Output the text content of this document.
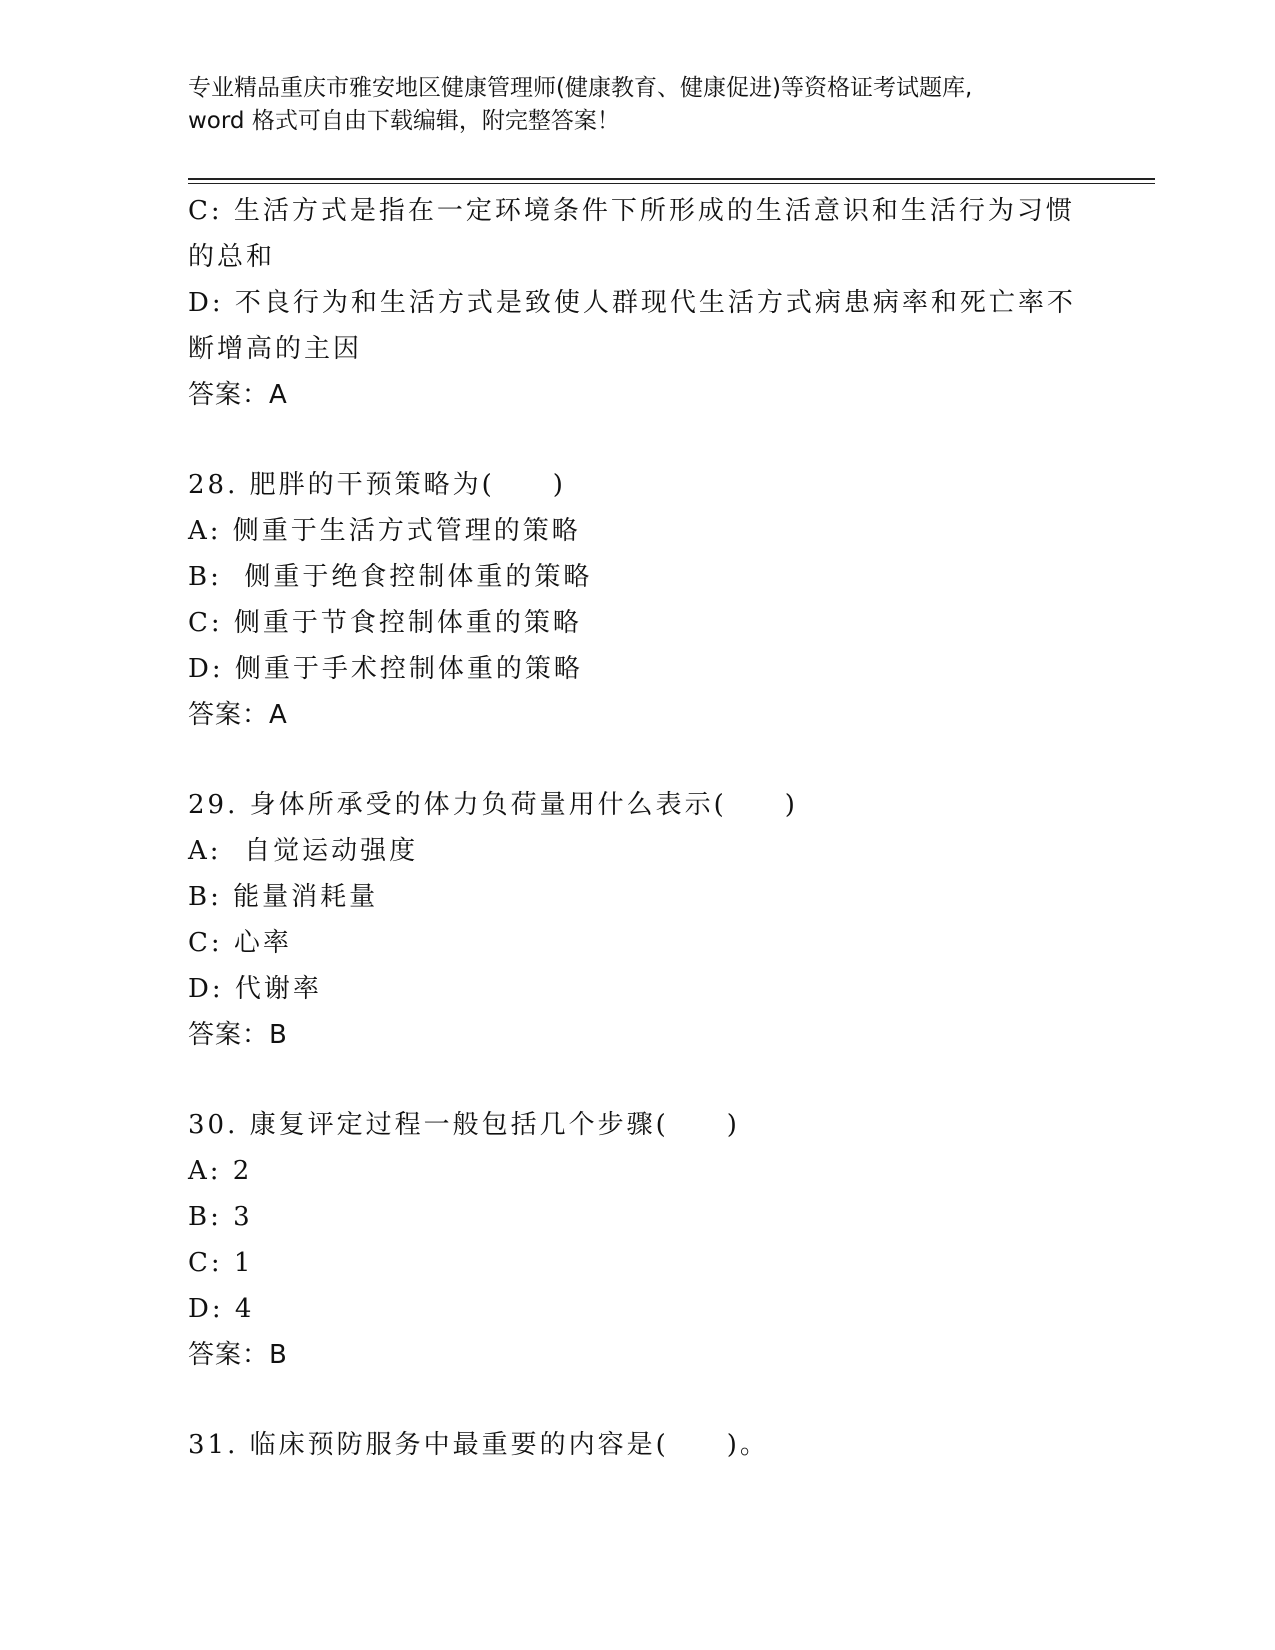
专业精品重庆市雅安地区健康管理师(健康教育、健康促进)等资格证考试题库,
word 格式可自由下载编辑，附完整答案！
C: 生活方式是指在一定环境条件下所形成的生活意识和生活行为习惯
的总和
D: 不良行为和生活方式是致使人群现代生活方式病患病率和死亡率不
断增高的主因
答案：A
28. 肥胖的干预策略为(　　)
A: 侧重于生活方式管理的策略
B:  侧重于绝食控制体重的策略
C: 侧重于节食控制体重的策略
D: 侧重于手术控制体重的策略
答案：A
29. 身体所承受的体力负荷量用什么表示(　　)
A:  自觉运动强度
B: 能量消耗量
C: 心率
D: 代谢率
答案：B
30. 康复评定过程一般包括几个步骤(　　)
A: 2
B: 3
C: 1
D: 4
答案：B
31. 临床预防服务中最重要的内容是(　　)。
